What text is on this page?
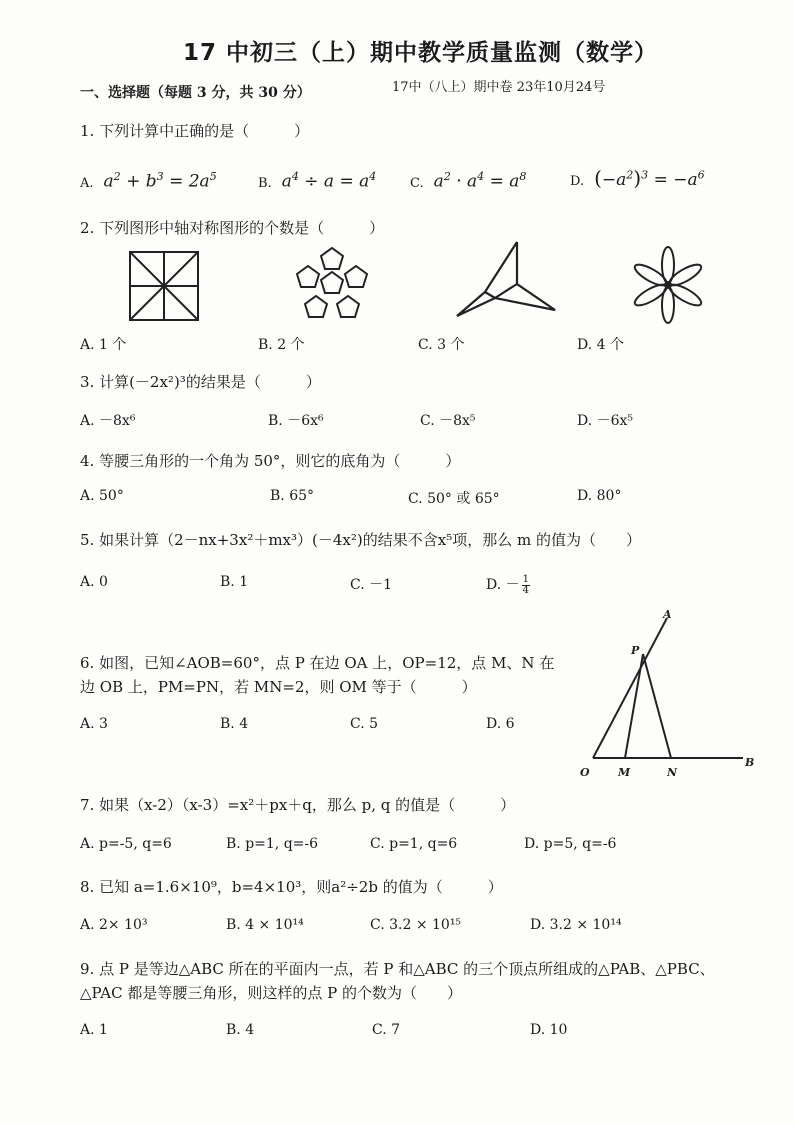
17 中初三（上）期中教学质量监测（数学）
一、选择题（每题 3 分，共 30 分）	17中（八上）期中卷 23年10月24号
1. 下列计算中正确的是（　　　）
A. $a^2 + b^3 = 2a^5$	B. $a^4 \div a = a^4$	C. $a^2 \cdot a^4 = a^8$	D. $(-a^2)^3 = -a^6$
2. 下列图形中轴对称图形的个数是（　　　）
A. 1 个	B. 2 个	C. 3 个	D. 4 个
3. 计算(－2x²)³的结果是（　　　）
A. －8x⁶	B. －6x⁶	C. －8x⁵	D. －6x⁵
4. 等腰三角形的一个角为 50°，则它的底角为（　　　）
A. 50°	B. 65°	C. 50° 或 65°	D. 80°
5. 如果计算（2－nx+3x²＋mx³）(－4x²)的结果不含x⁵项，那么 m 的值为（　　）
A. 0	B. 1	C. －1	D. － $\frac{1}{4}$
6. 如图，已知∠AOB=60°，点 P 在边 OA 上，OP=12，点 M、N 在
边 OB 上，PM=PN，若 MN=2，则 OM 等于（　　　）
A. 3	B. 4	C. 5	D. 6
A
P
O	M	N
B
7. 如果（x-2）（x-3）=x²＋px＋q，那么 p, q 的值是（　　　）
A. p=-5, q=6	B. p=1, q=-6	C. p=1, q=6	D. p=5, q=-6
8. 已知 a=1.6×10⁹，b=4×10³，则a²÷2b 的值为（　　　）
A. 2× 10³	B. 4 × 10¹⁴	C. 3.2 × 10¹⁵	D. 3.2 × 10¹⁴
9. 点 P 是等边△ABC 所在的平面内一点，若 P 和△ABC 的三个顶点所组成的△PAB、△PBC、
△PAC 都是等腰三角形，则这样的点 P 的个数为（　　）
A. 1	B. 4	C. 7	D. 10
